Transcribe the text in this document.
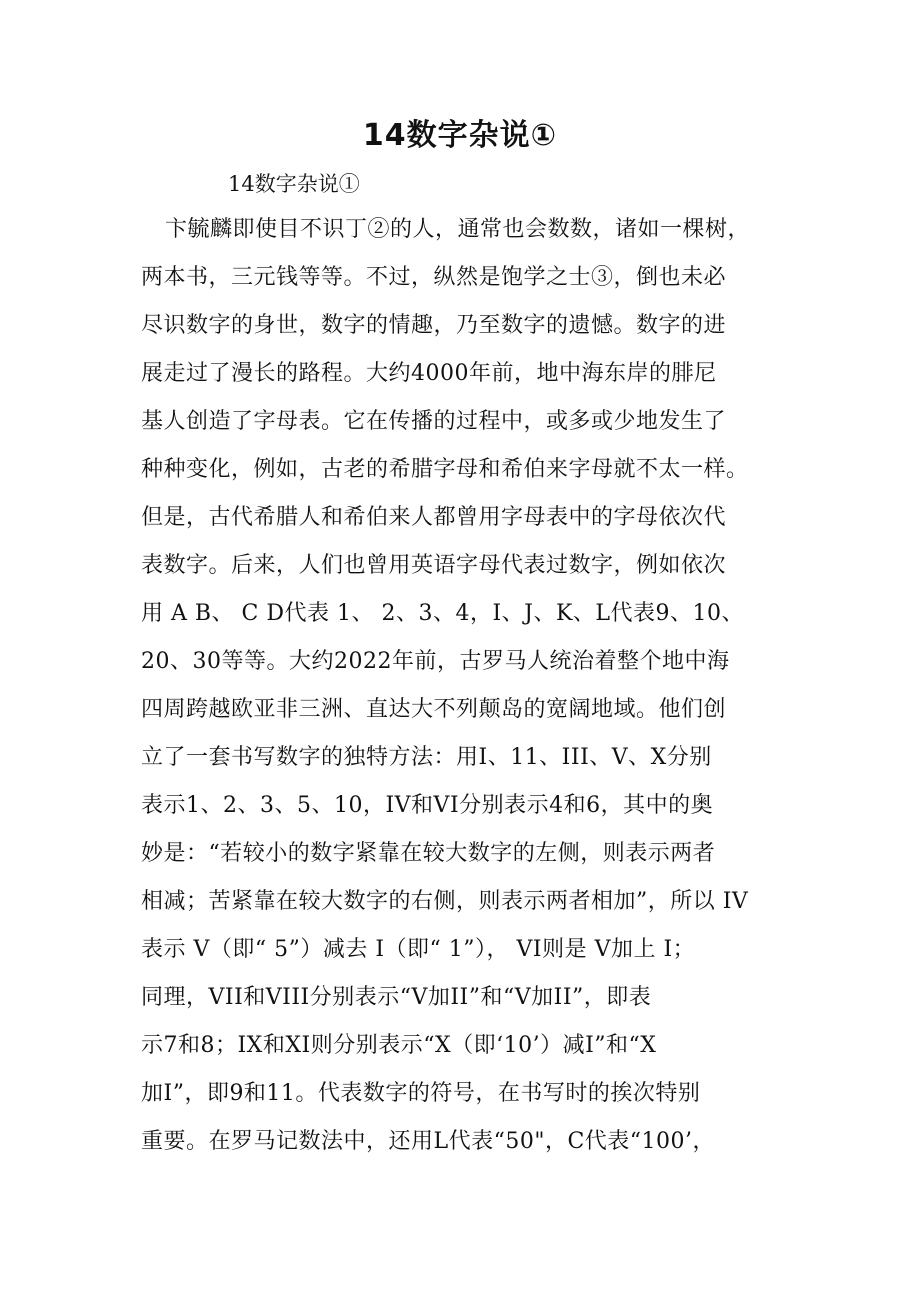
14数字杂说①
14数字杂说①
卞毓麟即使目不识丁②的人，通常也会数数，诸如一棵树，
两本书，三元钱等等。不过，纵然是饱学之士③，倒也未必
尽识数字的身世，数字的情趣，乃至数字的遗憾。数字的进
展走过了漫长的路程。大约4000年前，地中海东岸的腓尼
基人创造了字母表。它在传播的过程中，或多或少地发生了
种种变化，例如，古老的希腊字母和希伯来字母就不太一样。
但是，古代希腊人和希伯来人都曾用字母表中的字母依次代
表数字。后来，人们也曾用英语字母代表过数字，例如依次
用 A B、 C D代表 1、 2、3、4，I、J、K、L代表9、10、
20、30等等。大约2022年前，古罗马人统治着整个地中海
四周跨越欧亚非三洲、直达大不列颠岛的宽阔地域。他们创
立了一套书写数字的独特方法：用I、11、III、V、X分别
表示1、2、3、5、10，IV和VI分别表示4和6，其中的奥
妙是：“若较小的数字紧靠在较大数字的左侧，则表示两者
相减；苦紧靠在较大数字的右侧，则表示两者相加”，所以 IV
表示 V（即“ 5”）减去 I（即“ 1”）， VI则是 V加上 I；
同理，VII和VIII分别表示“V加II”和“V加II”，即表
示7和8；IX和XI则分别表示“X（即‘10’）减I”和“X
加I”，即9和11。代表数字的符号，在书写时的挨次特别
重要。在罗马记数法中，还用L代表“50"，C代表“100’，
